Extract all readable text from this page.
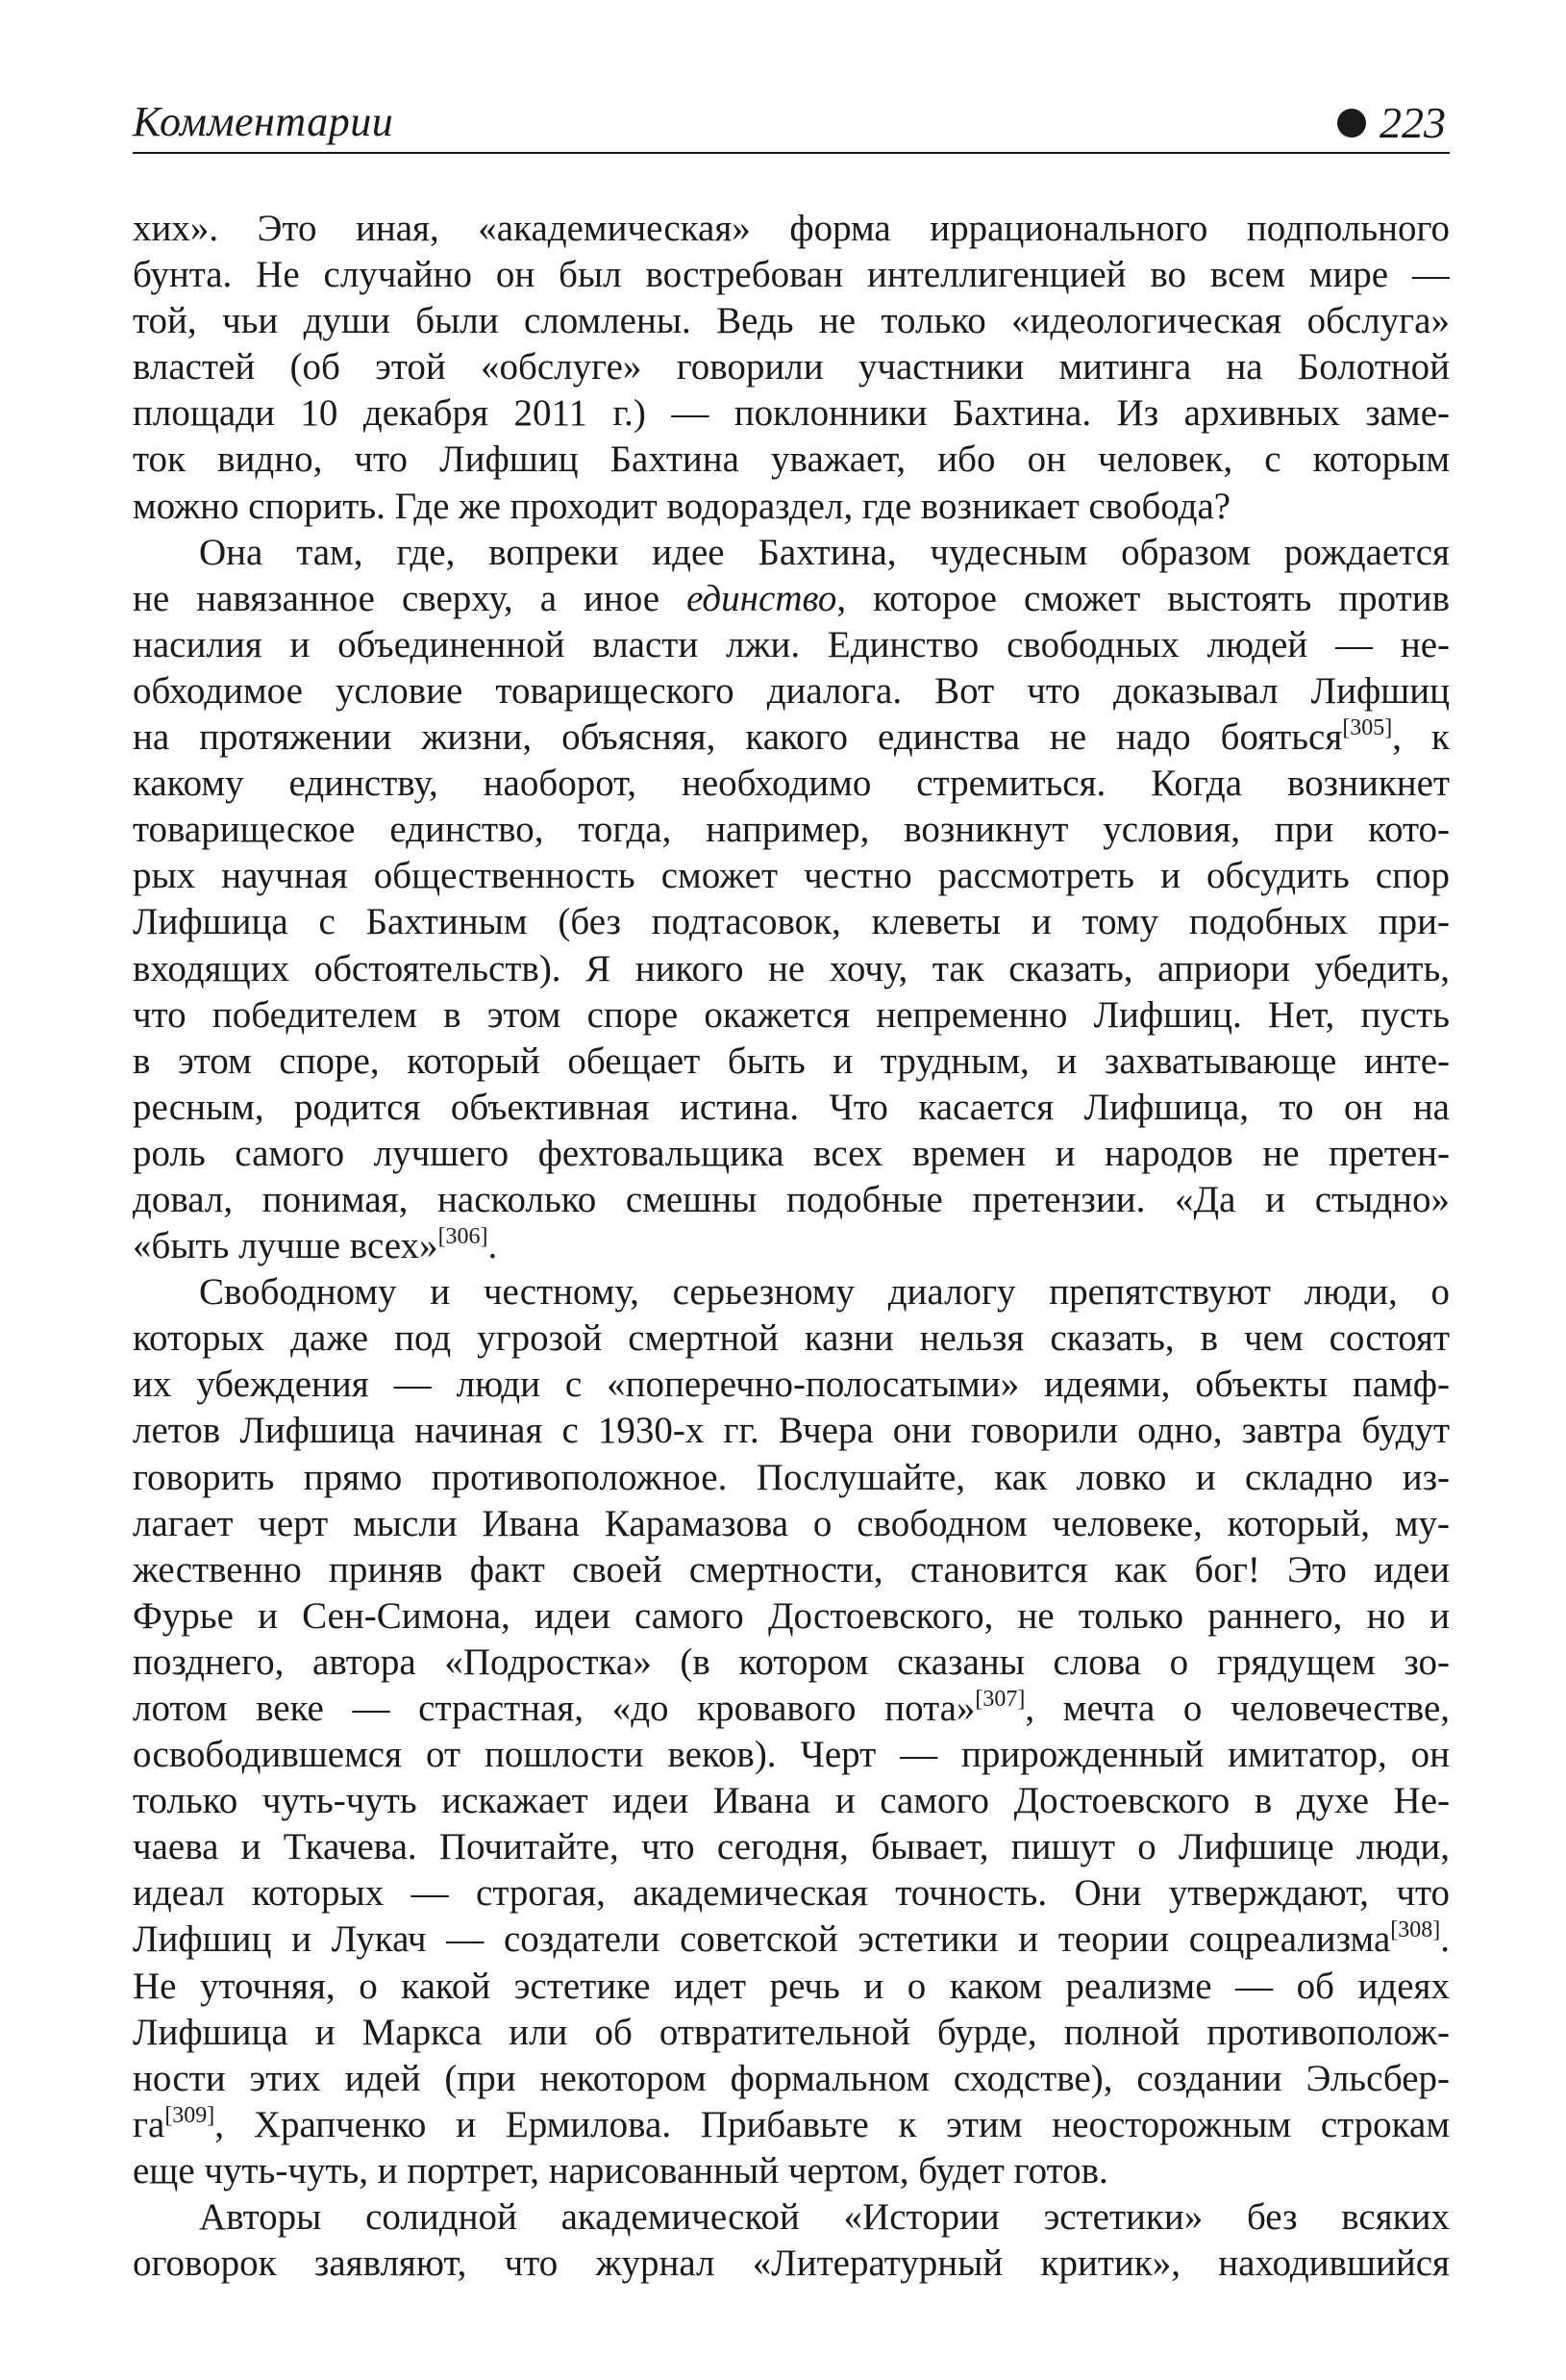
Комментарии	223
хих». Это иная, «академическая» форма иррационального подпольного
бунта. Не случайно он был востребован интеллигенцией во всем мире —
той, чьи души были сломлены. Ведь не только «идеологическая обслуга»
властей (об этой «обслуге» говорили участники митинга на Болотной
площади 10 декабря 2011 г.) — поклонники Бахтина. Из архивных заме-
ток видно, что Лифшиц Бахтина уважает, ибо он человек, с которым
можно спорить. Где же проходит водораздел, где возникает свобода?
Она там, где, вопреки идее Бахтина, чудесным образом рождается
не навязанное сверху, а иное единство, которое сможет выстоять против
насилия и объединенной власти лжи. Единство свободных людей — не-
обходимое условие товарищеского диалога. Вот что доказывал Лифшиц
на протяжении жизни, объясняя, какого единства не надо бояться[305], к
какому единству, наоборот, необходимо стремиться. Когда возникнет
товарищеское единство, тогда, например, возникнут условия, при кото-
рых научная общественность сможет честно рассмотреть и обсудить спор
Лифшица с Бахтиным (без подтасовок, клеветы и тому подобных при-
входящих обстоятельств). Я никого не хочу, так сказать, априори убедить,
что победителем в этом споре окажется непременно Лифшиц. Нет, пусть
в этом споре, который обещает быть и трудным, и захватывающе инте-
ресным, родится объективная истина. Что касается Лифшица, то он на
роль самого лучшего фехтовальщика всех времен и народов не претен-
довал, понимая, насколько смешны подобные претензии. «Да и стыдно»
«быть лучше всех»[306].
Свободному и честному, серьезному диалогу препятствуют люди, о
которых даже под угрозой смертной казни нельзя сказать, в чем состоят
их убеждения — люди с «поперечно-полосатыми» идеями, объекты памф-
летов Лифшица начиная с 1930-х гг. Вчера они говорили одно, завтра будут
говорить прямо противоположное. Послушайте, как ловко и складно из-
лагает черт мысли Ивана Карамазова о свободном человеке, который, му-
жественно приняв факт своей смертности, становится как бог! Это идеи
Фурье и Сен-Симона, идеи самого Достоевского, не только раннего, но и
позднего, автора «Подростка» (в котором сказаны слова о грядущем зо-
лотом веке — страстная, «до кровавого пота»[307], мечта о человечестве,
освободившемся от пошлости веков). Черт — прирожденный имитатор, он
только чуть-чуть искажает идеи Ивана и самого Достоевского в духе Не-
чаева и Ткачева. Почитайте, что сегодня, бывает, пишут о Лифшице люди,
идеал которых — строгая, академическая точность. Они утверждают, что
Лифшиц и Лукач — создатели советской эстетики и теории соцреализма[308].
Не уточняя, о какой эстетике идет речь и о каком реализме — об идеях
Лифшица и Маркса или об отвратительной бурде, полной противополож-
ности этих идей (при некотором формальном сходстве), создании Эльсбер-
га[309], Храпченко и Ермилова. Прибавьте к этим неосторожным строкам
еще чуть-чуть, и портрет, нарисованный чертом, будет готов.
Авторы солидной академической «Истории эстетики» без всяких
оговорок заявляют, что журнал «Литературный критик», находившийся
